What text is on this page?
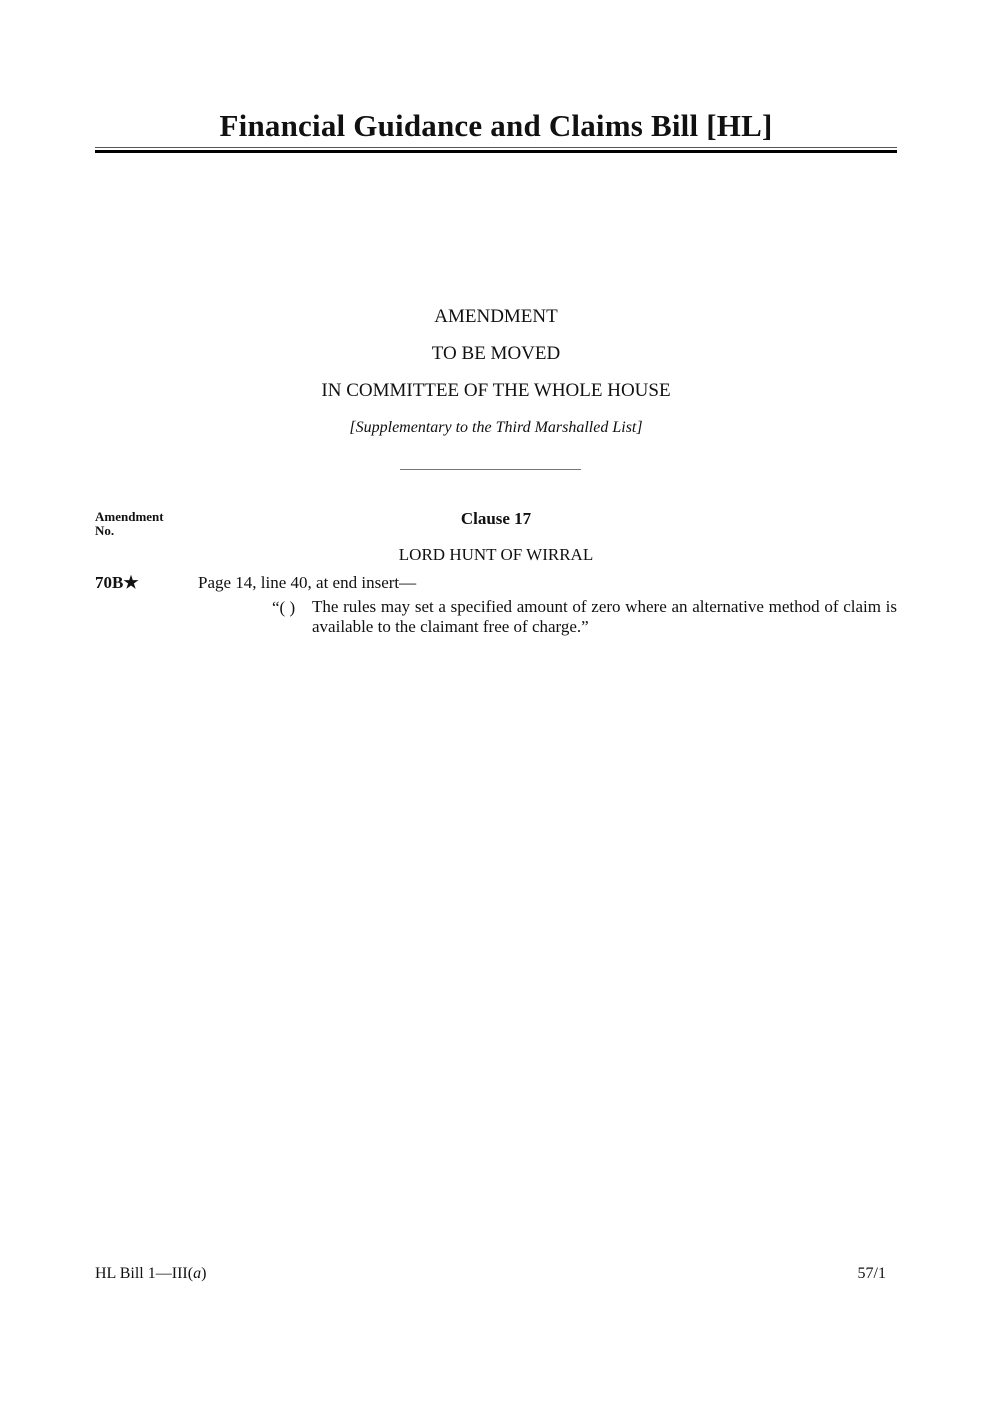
Financial Guidance and Claims Bill [HL]
AMENDMENT
TO BE MOVED
IN COMMITTEE OF THE WHOLE HOUSE
[Supplementary to the Third Marshalled List]
Amendment
No.
Clause 17
LORD HUNT OF WIRRAL
70B★	Page 14, line 40, at end insert—
“( ) The rules may set a specified amount of zero where an alternative method of claim is available to the claimant free of charge.”
HL Bill 1—III(a)	57/1
